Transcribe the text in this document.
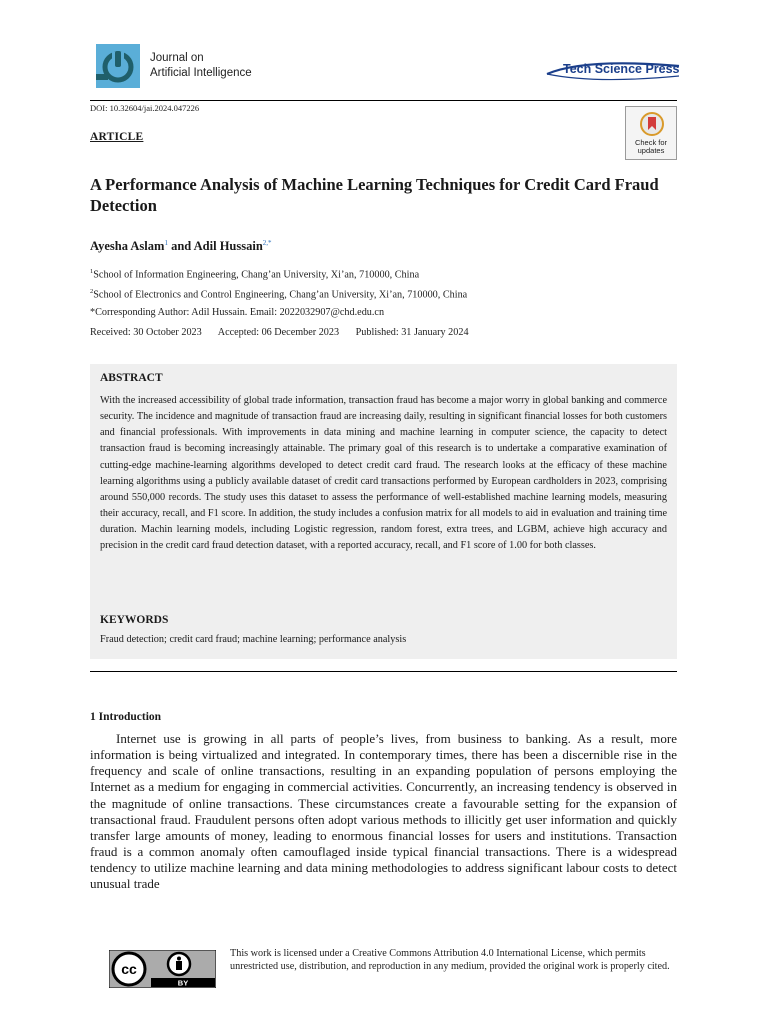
Journal on
Artificial Intelligence	Tech Science Press
DOI: 10.32604/jai.2024.047226
ARTICLE	Check for
updates
A Performance Analysis of Machine Learning Techniques for Credit Card Fraud Detection
Ayesha Aslam$^1$ and Adil Hussain$^{2,*}$
$^1$School of Information Engineering, Chang’an University, Xi’an, 710000, China
$^2$School of Electronics and Control Engineering, Chang’an University, Xi’an, 710000, China
*Corresponding Author: Adil Hussain. Email: 2022032907@chd.edu.cn
Received: 30 October 2023 Accepted: 06 December 2023 Published: 31 January 2024
ABSTRACT
With the increased accessibility of global trade information, transaction fraud has become a major worry in global banking and commerce security. The incidence and magnitude of transaction fraud are increasing daily, resulting in significant financial losses for both customers and financial professionals. With improvements in data mining and machine learning in computer science, the capacity to detect transaction fraud is becoming increasingly attainable. The primary goal of this research is to undertake a comparative examination of cutting-edge machine-learning algorithms developed to detect credit card fraud. The research looks at the efficacy of these machine learning algorithms using a publicly available dataset of credit card transactions performed by European cardholders in 2023, comprising around 550,000 records. The study uses this dataset to assess the performance of well-established machine learning models, measuring their accuracy, recall, and F1 score. In addition, the study includes a confusion matrix for all models to aid in evaluation and training time duration. Machin learning models, including Logistic regression, random forest, extra trees, and LGBM, achieve high accuracy and precision in the credit card fraud detection dataset, with a reported accuracy, recall, and F1 score of 1.00 for both classes.
KEYWORDS
Fraud detection; credit card fraud; machine learning; performance analysis
1 Introduction
Internet use is growing in all parts of people’s lives, from business to banking. As a result, more information is being virtualized and integrated. In contemporary times, there has been a discernible rise in the frequency and scale of online transactions, resulting in an expanding population of persons employing the Internet as a medium for engaging in commercial activities. Concurrently, an increasing tendency is observed in the magnitude of online transactions. These circumstances create a favourable setting for the expansion of transactional fraud. Fraudulent persons often adopt various methods to illicitly get user information and quickly transfer large amounts of money, leading to enormous financial losses for users and institutions. Transaction fraud is a common anomaly often camouflaged inside typical financial transactions. There is a widespread tendency to utilize machine learning and data mining methodologies to address significant labour costs to detect unusual trade
cc
BY
This work is licensed under a Creative Commons Attribution 4.0 International License, which permits unrestricted use, distribution, and reproduction in any medium, provided the original work is properly cited.
